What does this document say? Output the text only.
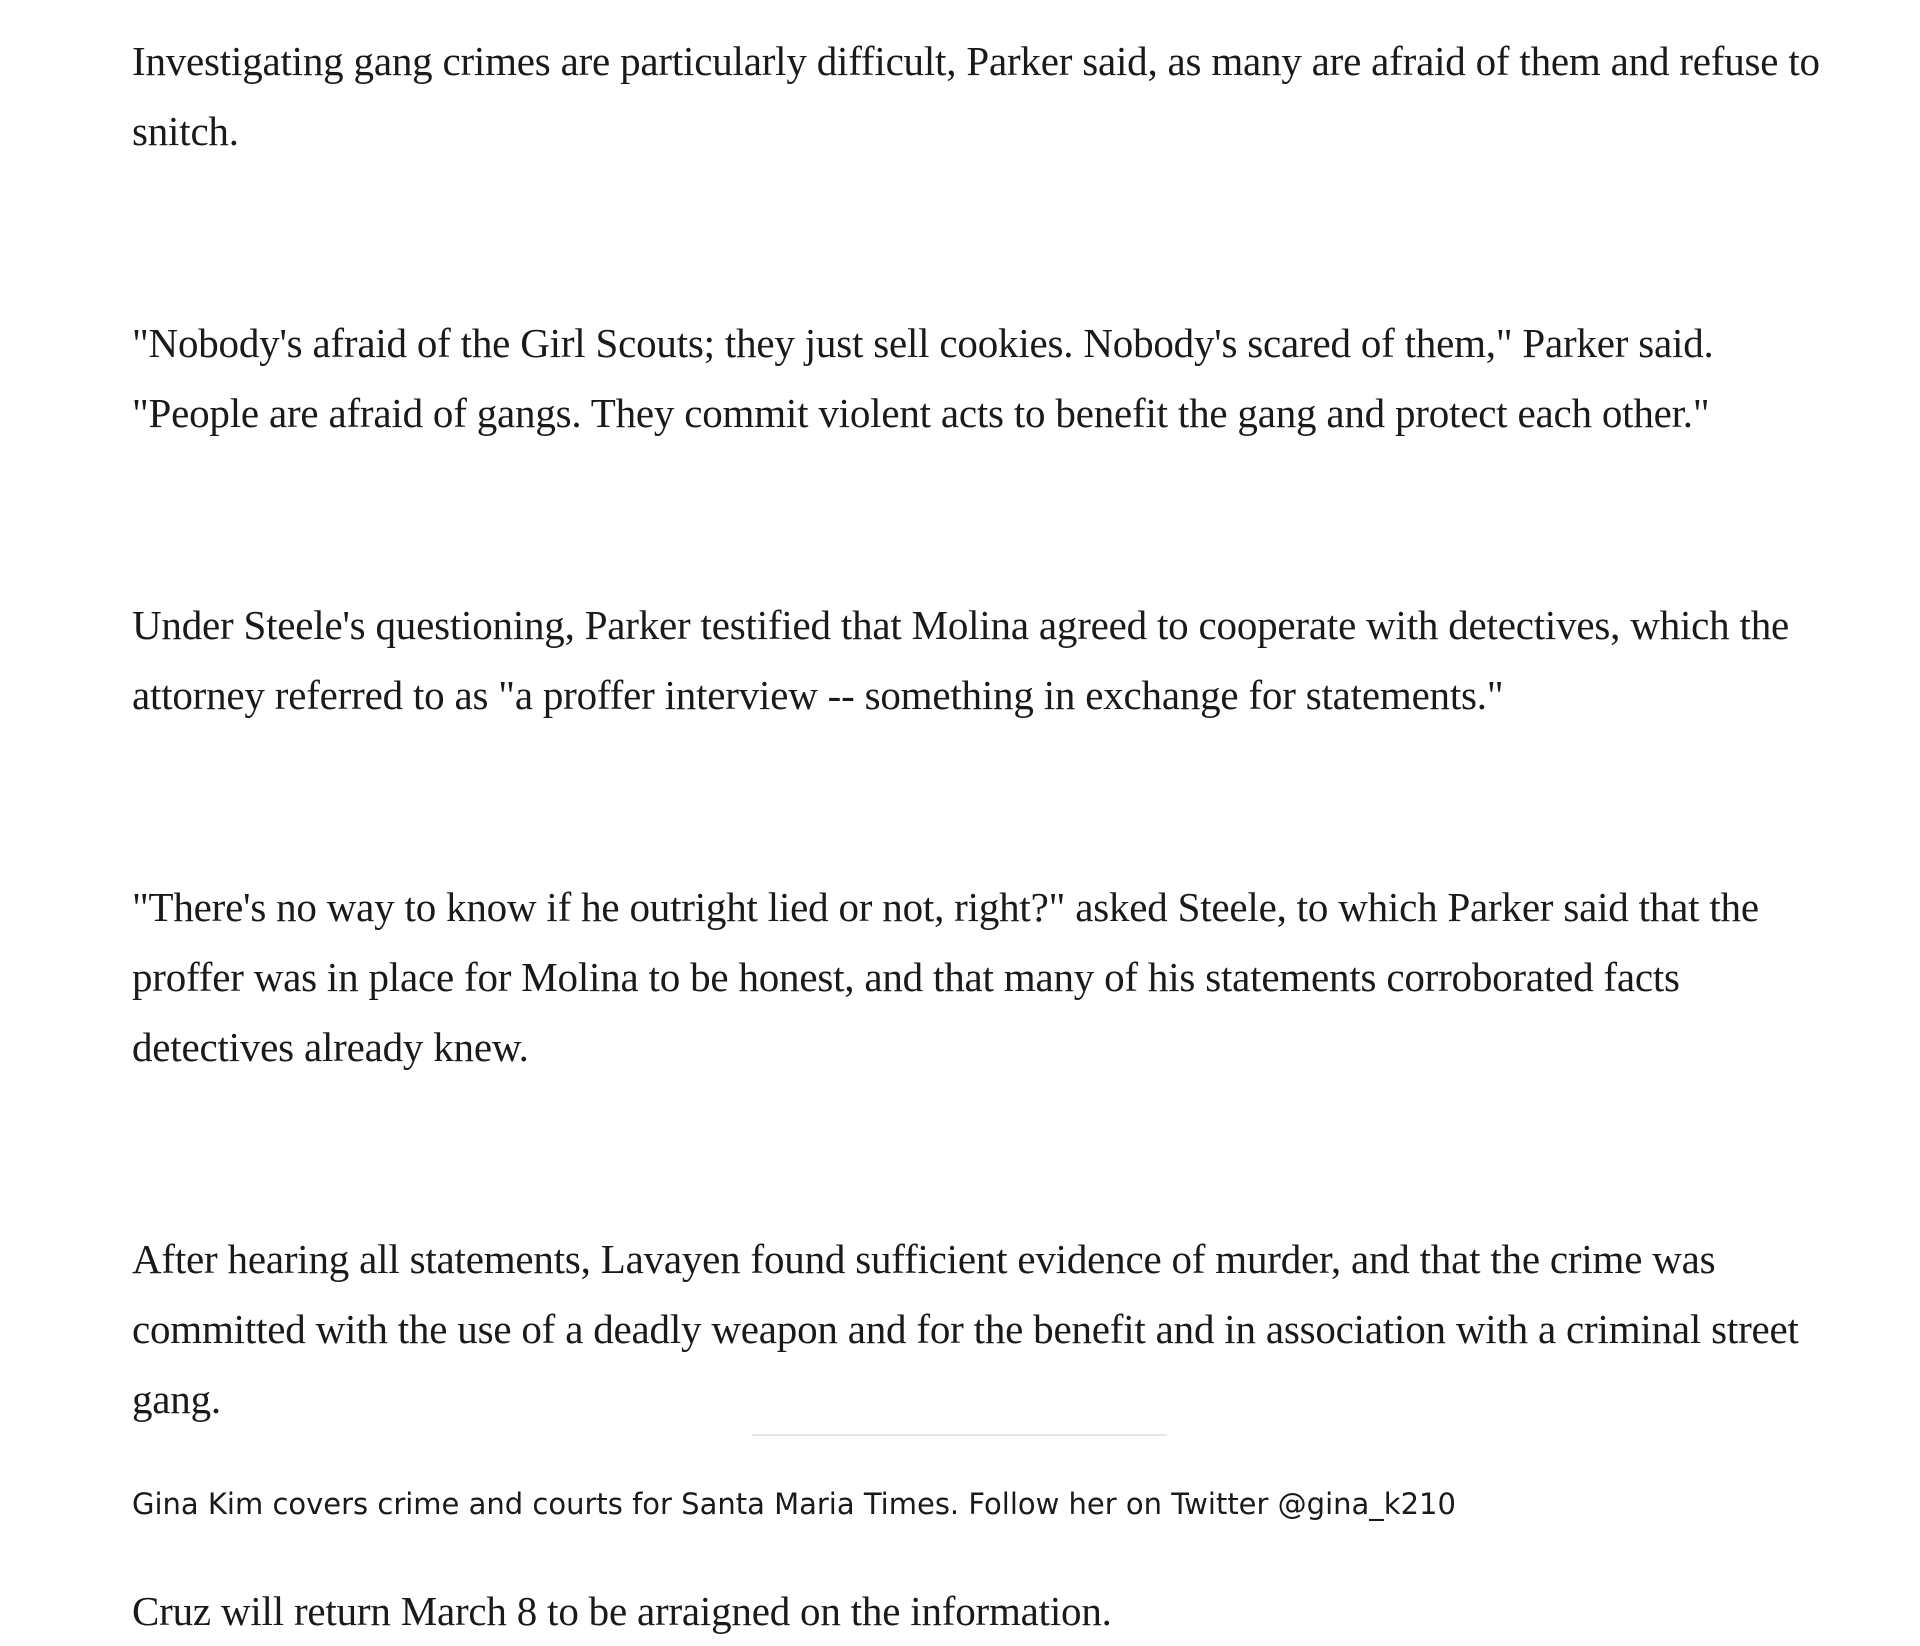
Investigating gang crimes are particularly difficult, Parker said, as many are afraid of them and refuse to snitch.

"Nobody's afraid of the Girl Scouts; they just sell cookies. Nobody's scared of them," Parker said. "People are afraid of gangs. They commit violent acts to benefit the gang and protect each other."

Under Steele's questioning, Parker testified that Molina agreed to cooperate with detectives, which the attorney referred to as "a proffer interview -- something in exchange for statements."

"There's no way to know if he outright lied or not, right?" asked Steele, to which Parker said that the proffer was in place for Molina to be honest, and that many of his statements corroborated facts detectives already knew.

After hearing all statements, Lavayen found sufficient evidence of murder, and that the crime was committed with the use of a deadly weapon and for the benefit and in association with a criminal street gang.

Cruz will return March 8 to be arraigned on the information.

Gina Kim covers crime and courts for Santa Maria Times. Follow her on Twitter @gina_k210
